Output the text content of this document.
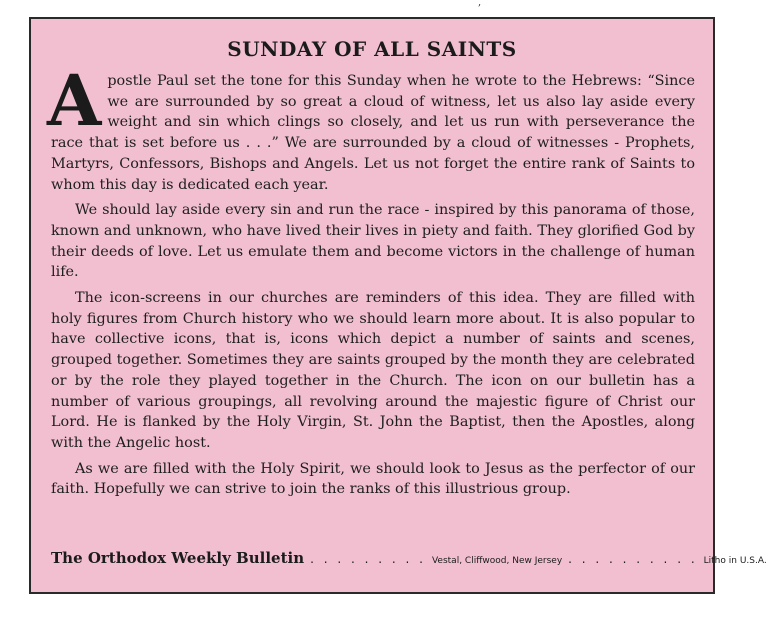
,
SUNDAY OF ALL SAINTS

Apostle Paul set the tone for this Sunday when he wrote to the Hebrews: “Since we are surrounded by so great a cloud of witness, let us also lay aside every weight and sin which clings so closely, and let us run with perseverance the race that is set before us . . .” We are surrounded by a cloud of witnesses - Prophets, Martyrs, Confessors, Bishops and Angels. Let us not forget the entire rank of Saints to whom this day is dedicated each year.

We should lay aside every sin and run the race - inspired by this panorama of those, known and unknown, who have lived their lives in piety and faith. They glorified God by their deeds of love. Let us emulate them and become victors in the challenge of human life.

The icon-screens in our churches are reminders of this idea. They are filled with holy figures from Church history who we should learn more about. It is also popular to have collective icons, that is, icons which depict a number of saints and scenes, grouped together. Sometimes they are saints grouped by the month they are celebrated or by the role they played together in the Church. The icon on our bulletin has a number of various groupings, all revolving around the majestic figure of Christ our Lord. He is flanked by the Holy Virgin, St. John the Baptist, then the Apostles, along with the Angelic host.

As we are filled with the Holy Spirit, we should look to Jesus as the perfector of our faith. Hopefully we can strive to join the ranks of this illustrious group.

The Orthodox Weekly Bulletin . . . . . . . . . Vestal, Cliffwood, New Jersey . . . . . . . . . . Litho in U.S.A.
